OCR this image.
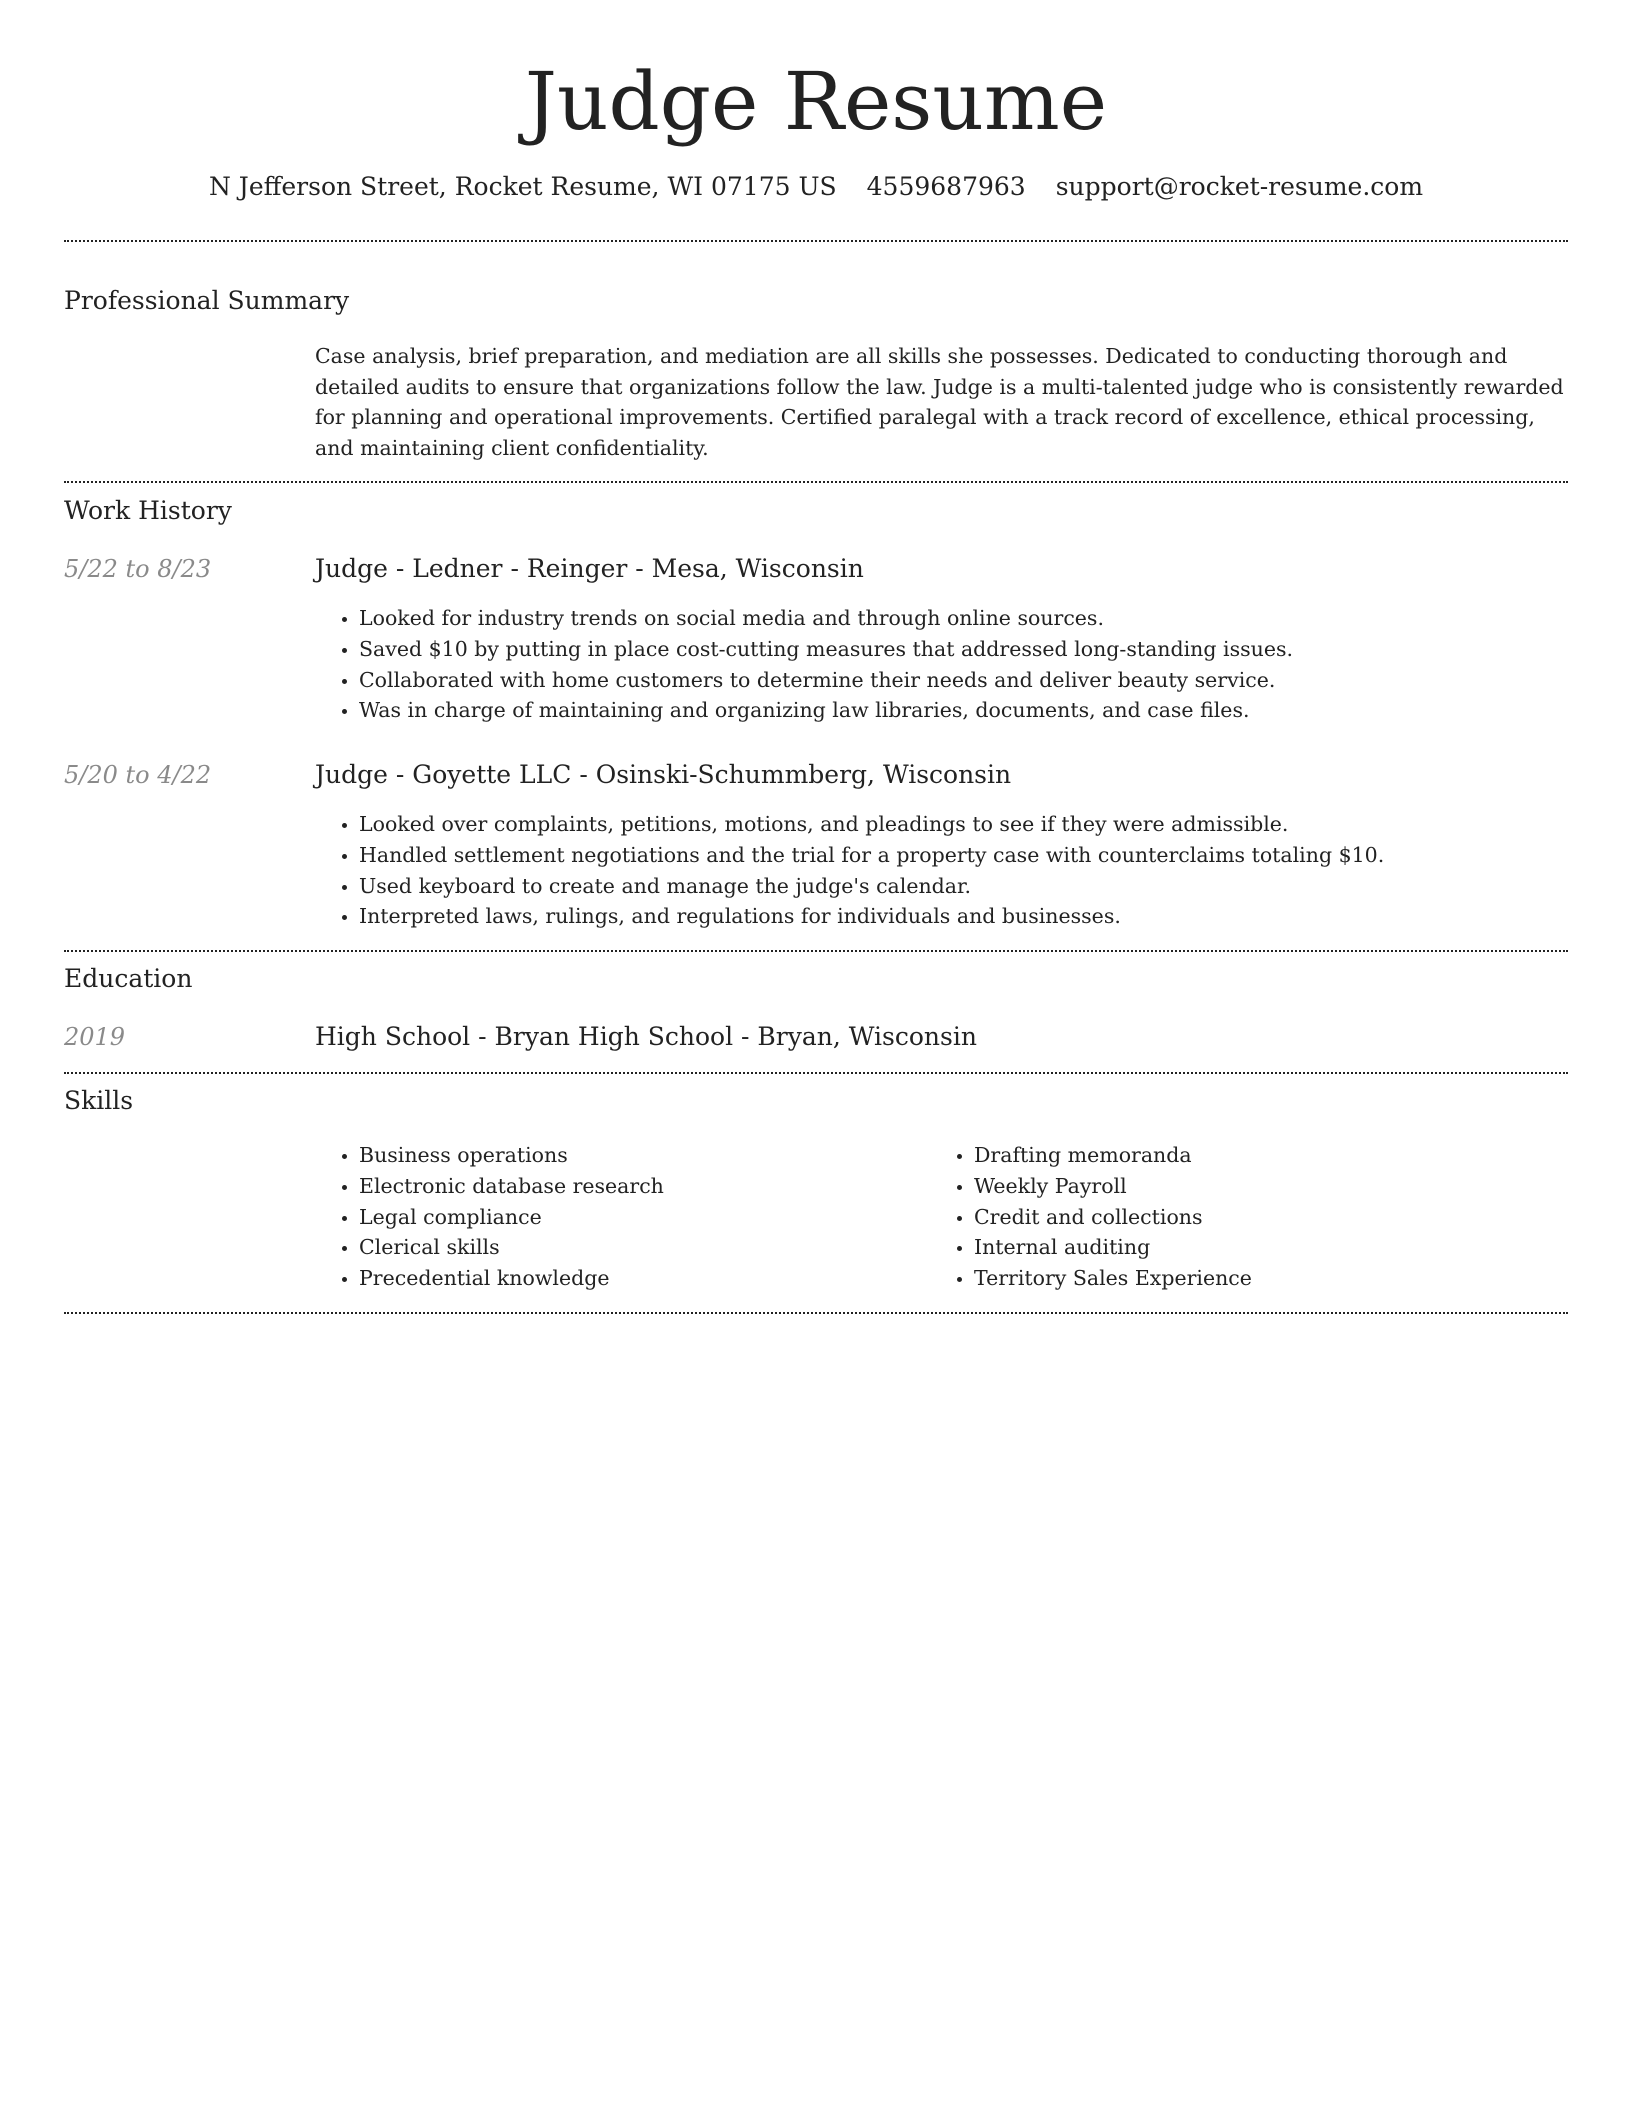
Judge Resume
N Jefferson Street, Rocket Resume, WI 07175 US 4559687963 support@rocket-resume.com
Professional Summary
Case analysis, brief preparation, and mediation are all skills she possesses. Dedicated to conducting thorough and detailed audits to ensure that organizations follow the law. Judge is a multi-talented judge who is consistently rewarded for planning and operational improvements. Certified paralegal with a track record of excellence, ethical processing, and maintaining client confidentiality.
Work History
5/22 to 8/23	Judge - Ledner - Reinger - Mesa, Wisconsin
• Looked for industry trends on social media and through online sources.
• Saved $10 by putting in place cost-cutting measures that addressed long-standing issues.
• Collaborated with home customers to determine their needs and deliver beauty service.
• Was in charge of maintaining and organizing law libraries, documents, and case files.
5/20 to 4/22	Judge - Goyette LLC - Osinski-Schummberg, Wisconsin
• Looked over complaints, petitions, motions, and pleadings to see if they were admissible.
• Handled settlement negotiations and the trial for a property case with counterclaims totaling $10.
• Used keyboard to create and manage the judge's calendar.
• Interpreted laws, rulings, and regulations for individuals and businesses.
Education
2019	High School - Bryan High School - Bryan, Wisconsin
Skills
• Business operations
• Electronic database research
• Legal compliance
• Clerical skills
• Precedential knowledge
• Drafting memoranda
• Weekly Payroll
• Credit and collections
• Internal auditing
• Territory Sales Experience
